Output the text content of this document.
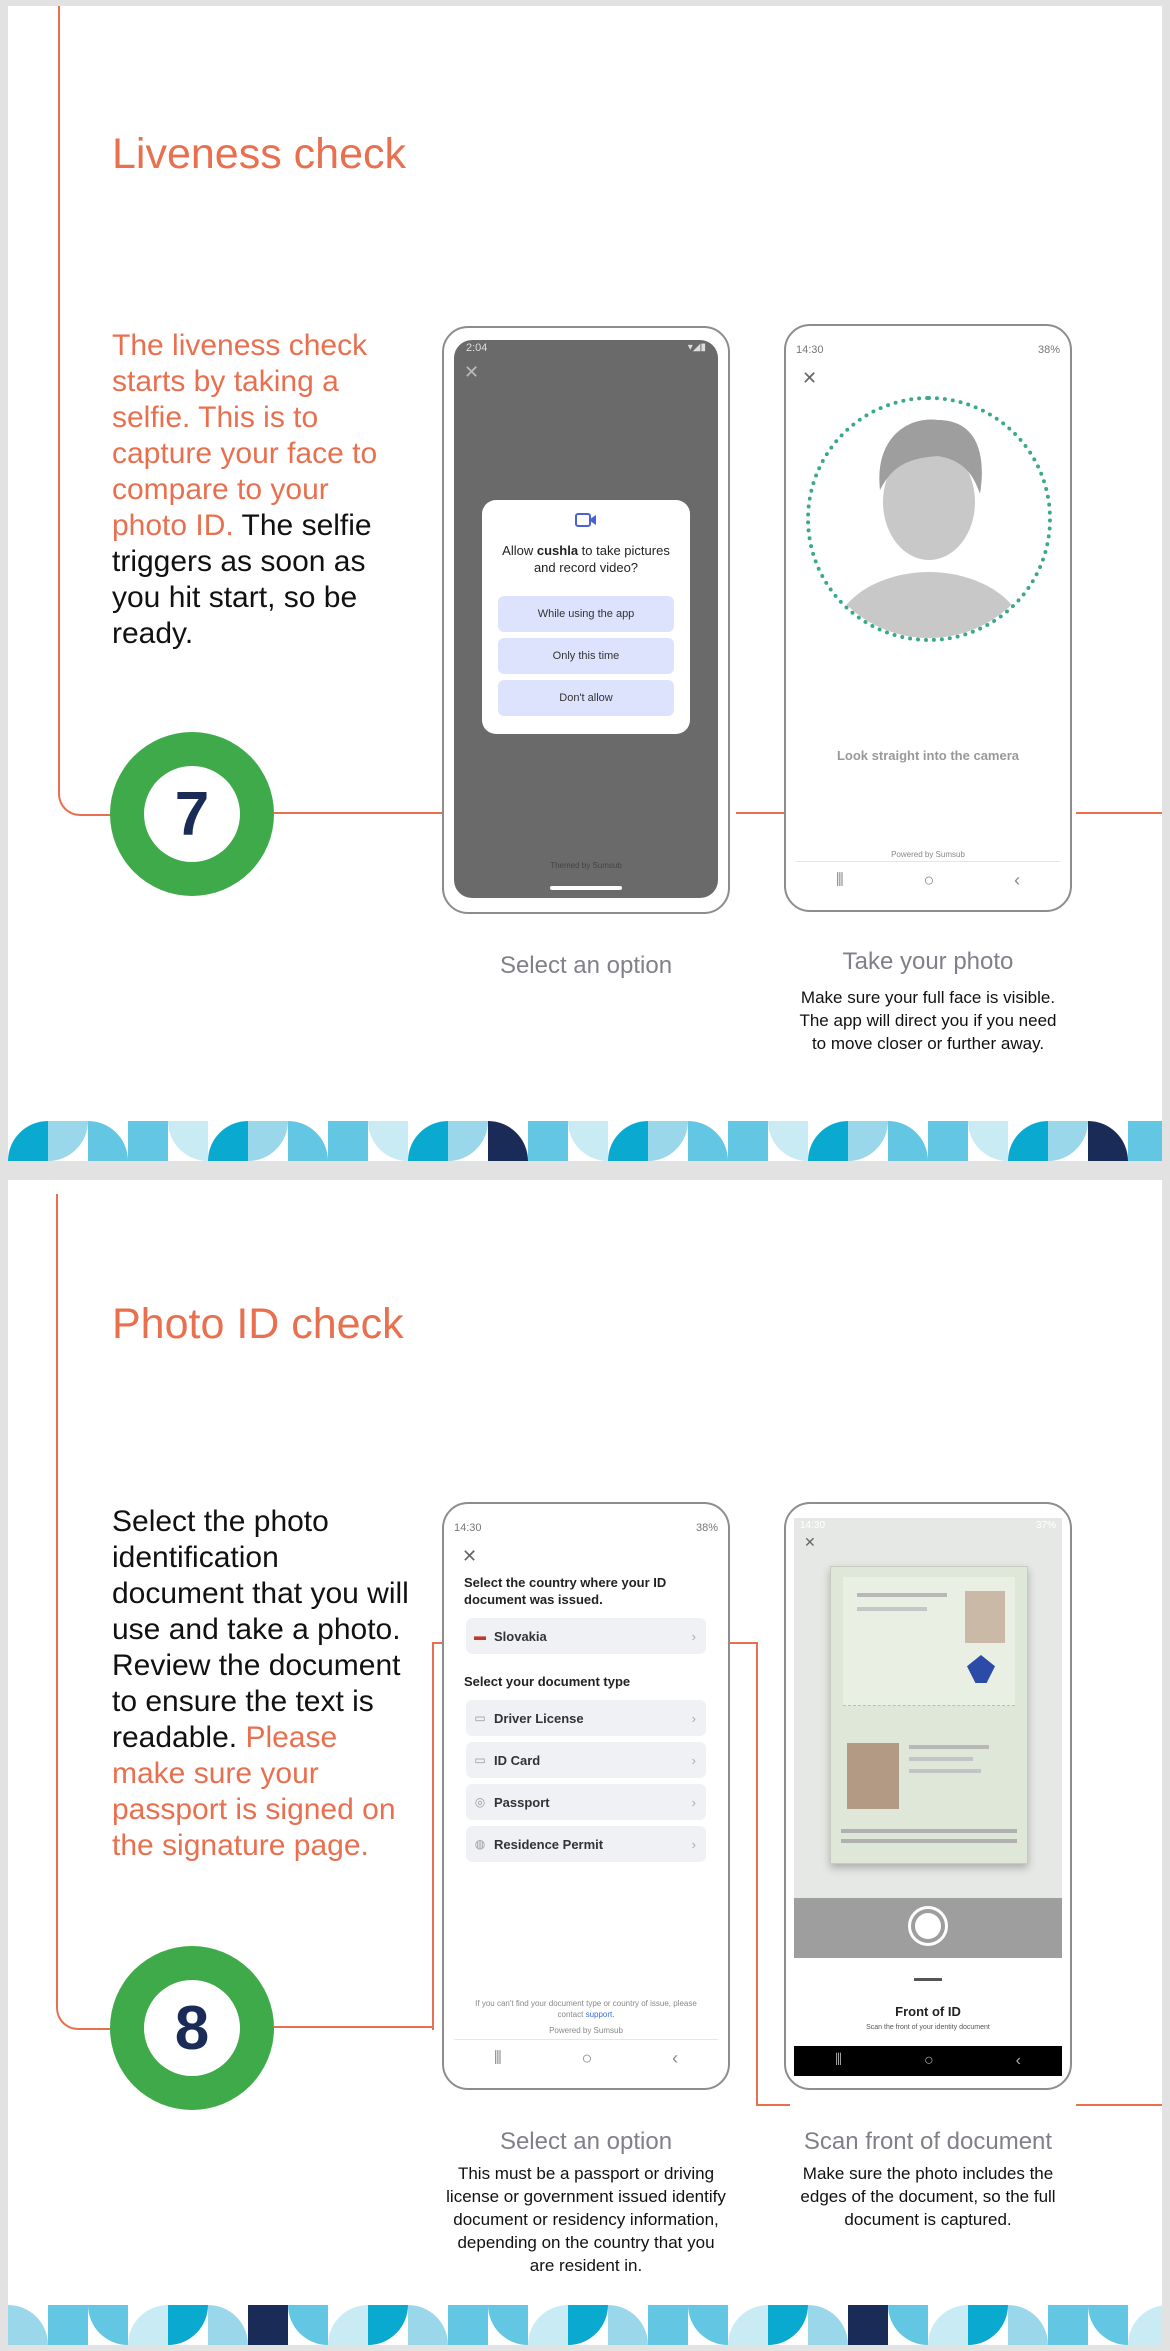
Liveness check
The liveness check starts by taking a selfie. This is to capture your face to compare to your photo ID. The selfie triggers as soon as you hit start, so be ready.
7
2:04	▾◢▮
✕
Allow cushla to take pictures and record video?
While using the app
Only this time
Don't allow
Themed by Sumsub
14:30	38%
✕
Look straight into the camera
Powered by Sumsub
⦀	○	‹
Select an option	Take your photo
Make sure your full face is visible. The app will direct you if you need to move closer or further away.
Photo ID check
Select the photo identification document that you will use and take a photo. Review the document to ensure the text is readable. Please make sure your passport is signed on the signature page.
8
14:30	38%
✕
Select the country where your ID document was issued.
▬ Slovakia	›
Select your document type
▭ Driver License	›
▭ ID Card	›
◎ Passport	›
◍ Residence Permit	›
If you can't find your document type or country of issue, please contact support.
Powered by Sumsub
⦀	○	‹
14:30	37%
✕
Front of ID
Scan the front of your identity document
⦀	○	‹
Select an option
This must be a passport or driving license or government issued identify document or residency information, depending on the country that you are resident in.
Scan front of document
Make sure the photo includes the edges of the document, so the full document is captured.
